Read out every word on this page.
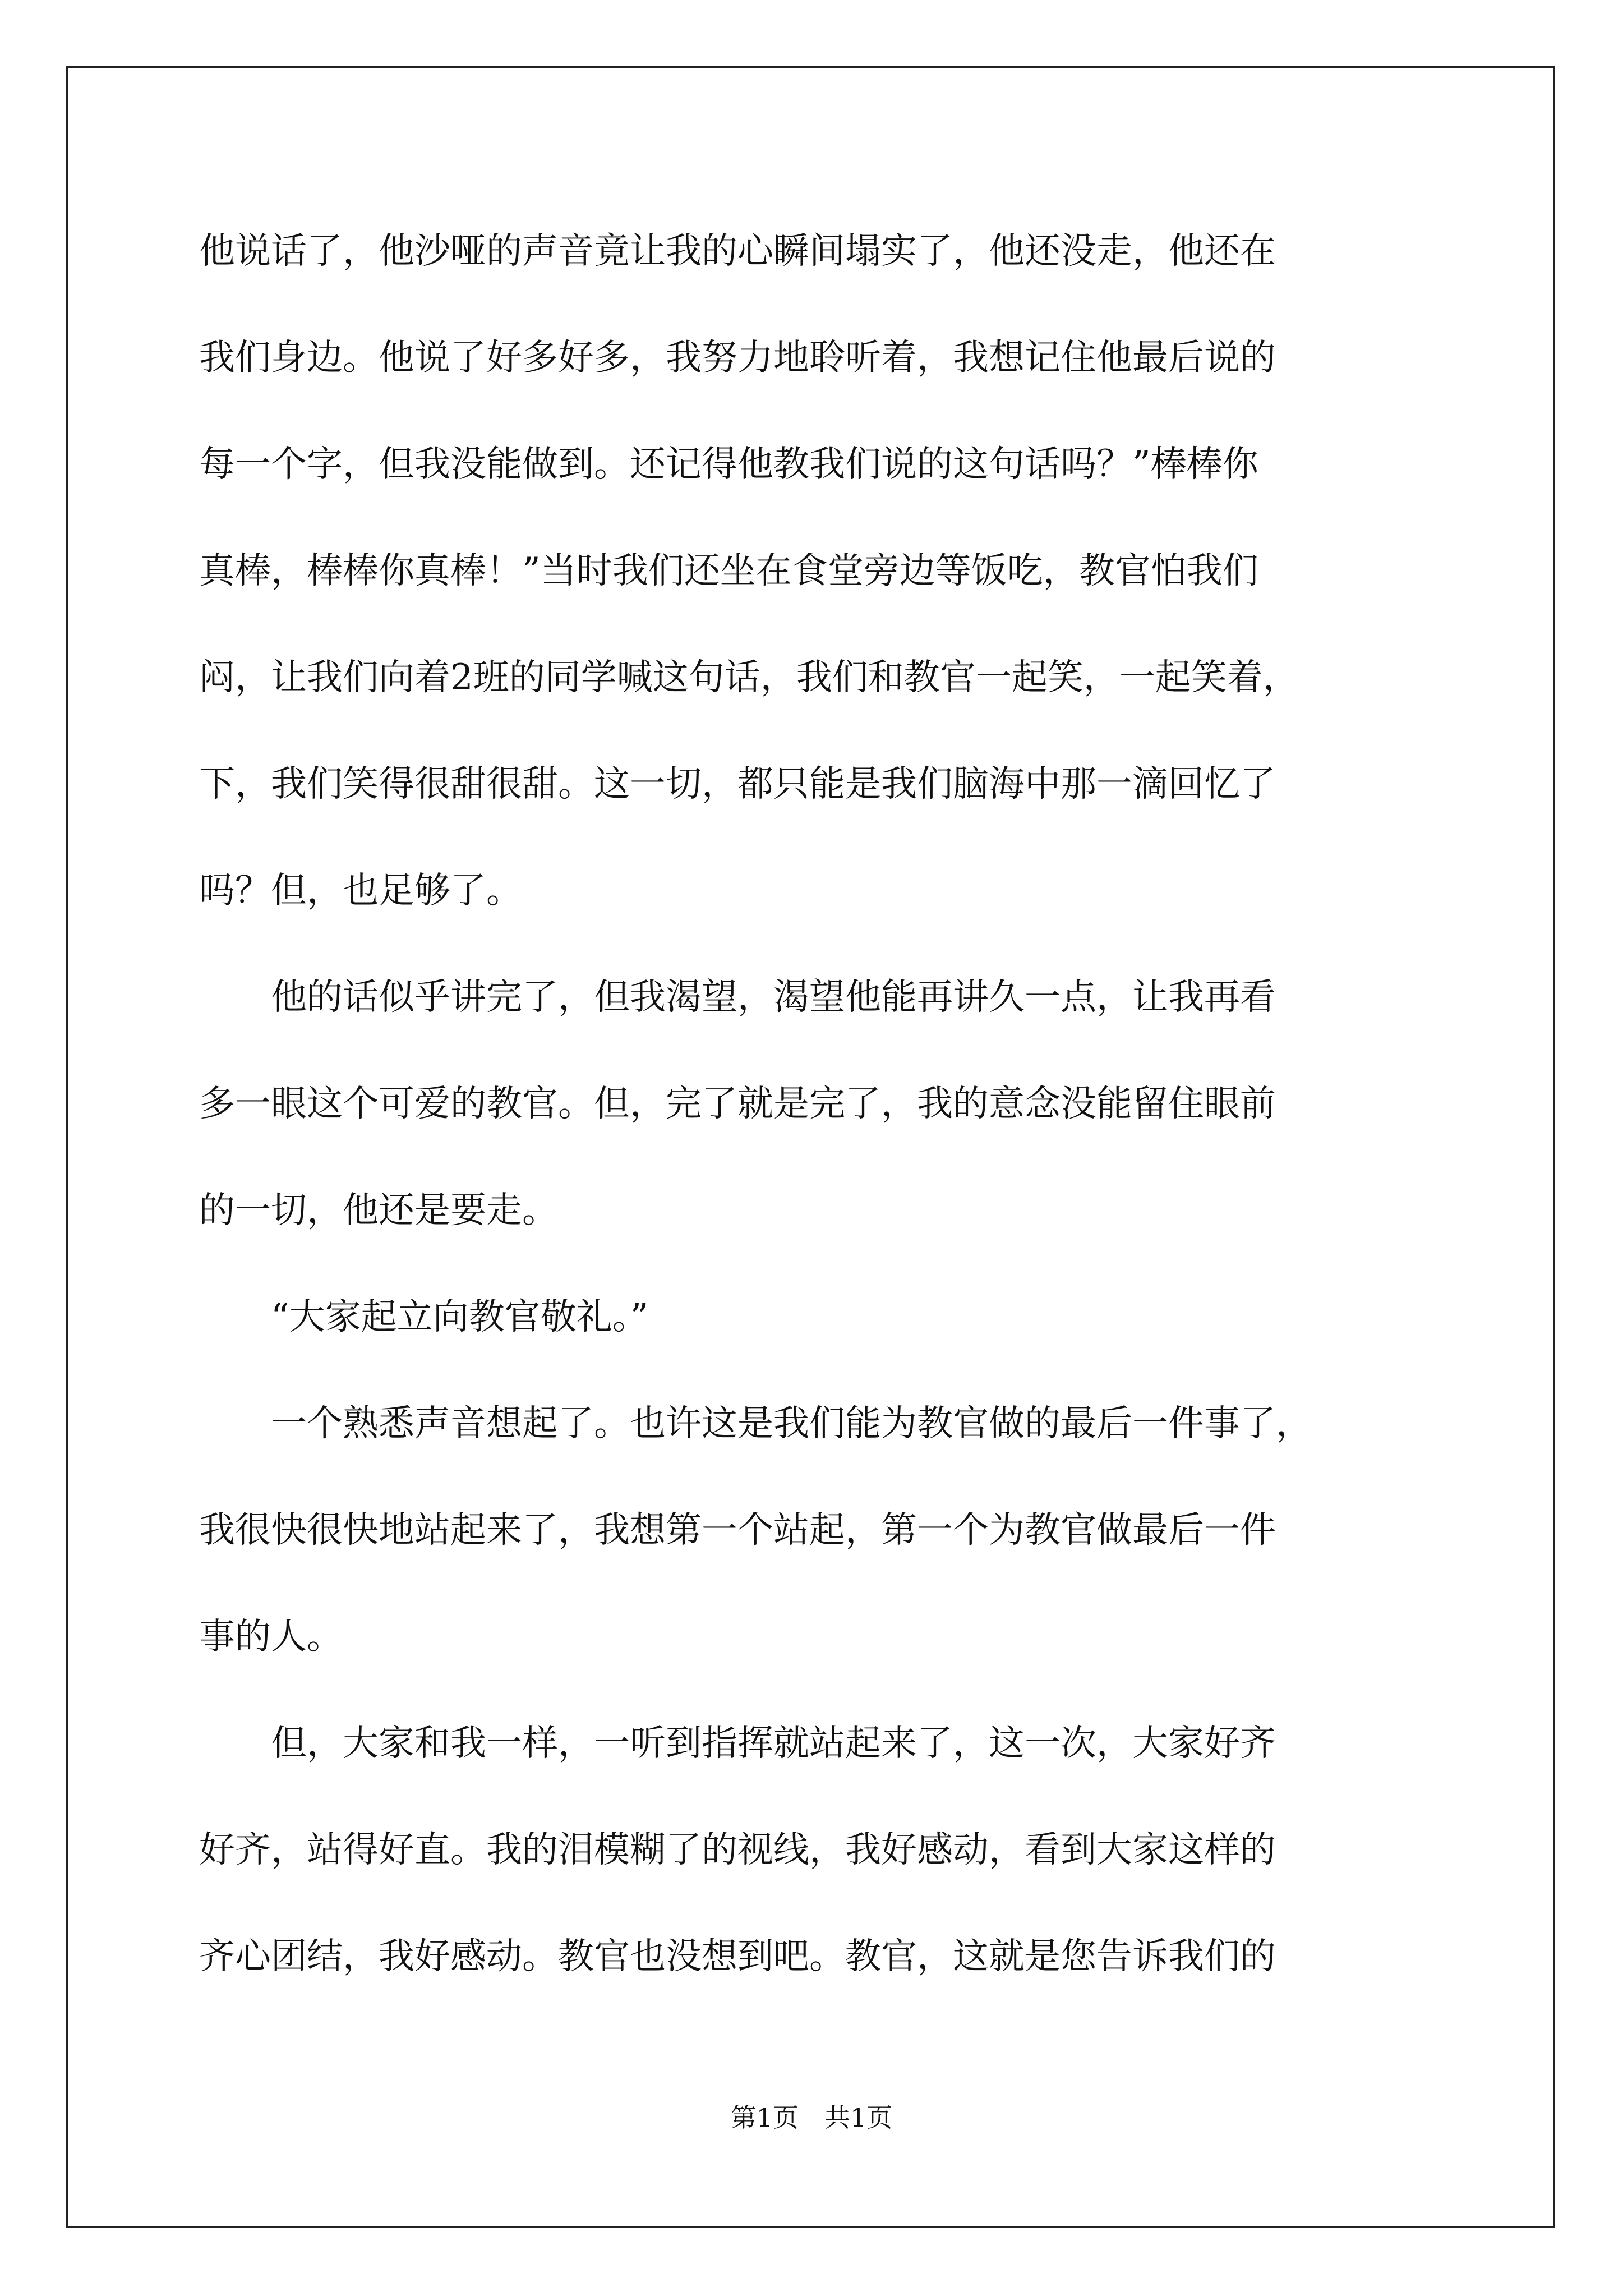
他说话了，他沙哑的声音竟让我的心瞬间塌实了，他还没走，他还在
我们身边。他说了好多好多，我努力地聆听着，我想记住他最后说的
每一个字，但我没能做到。还记得他教我们说的这句话吗？”棒棒你
真棒，棒棒你真棒！”当时我们还坐在食堂旁边等饭吃，教官怕我们
闷，让我们向着2班的同学喊这句话，我们和教官一起笑，一起笑着，
下，我们笑得很甜很甜。这一切，都只能是我们脑海中那一滴回忆了
吗？但，也足够了。
　　他的话似乎讲完了，但我渴望，渴望他能再讲久一点，让我再看
多一眼这个可爱的教官。但，完了就是完了，我的意念没能留住眼前
的一切，他还是要走。
　　“大家起立向教官敬礼。”
　　一个熟悉声音想起了。也许这是我们能为教官做的最后一件事了，
我很快很快地站起来了，我想第一个站起，第一个为教官做最后一件
事的人。
　　但，大家和我一样，一听到指挥就站起来了，这一次，大家好齐
好齐，站得好直。我的泪模糊了的视线，我好感动，看到大家这样的
齐心团结，我好感动。教官也没想到吧。教官，这就是您告诉我们的
第1页　共1页
